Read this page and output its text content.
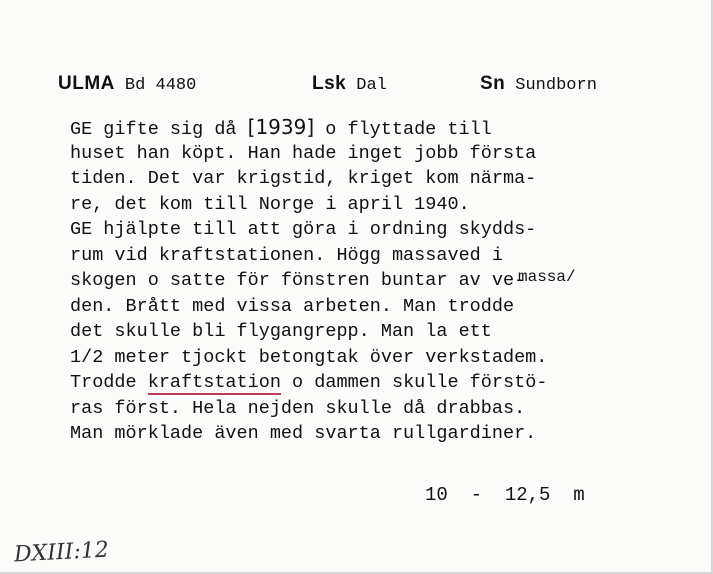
ULMA Bd 4480	Lsk Dal	Sn Sundborn
GE gifte sig då [1939] o flyttade till
huset han köpt. Han hade inget jobb första
tiden. Det var krigstid, kriget kom närma-
re, det kom till Norge i april 1940.
GE hjälpte till att göra i ordning skydds-
rum vid kraftstationen. Högg massaved i
skogen o satte för fönstren buntar av ve-
den. Brått med vissa arbeten. Man trodde
det skulle bli flygangrepp. Man la ett
1/2 meter tjockt betongtak över verkstadem.
Trodde kraftstation o dammen skulle förstö-
ras först. Hela nejden skulle då drabbas.
Man mörklade även med svarta rullgardiner.
massa/
10  -  12,5  m
DXIII:12
